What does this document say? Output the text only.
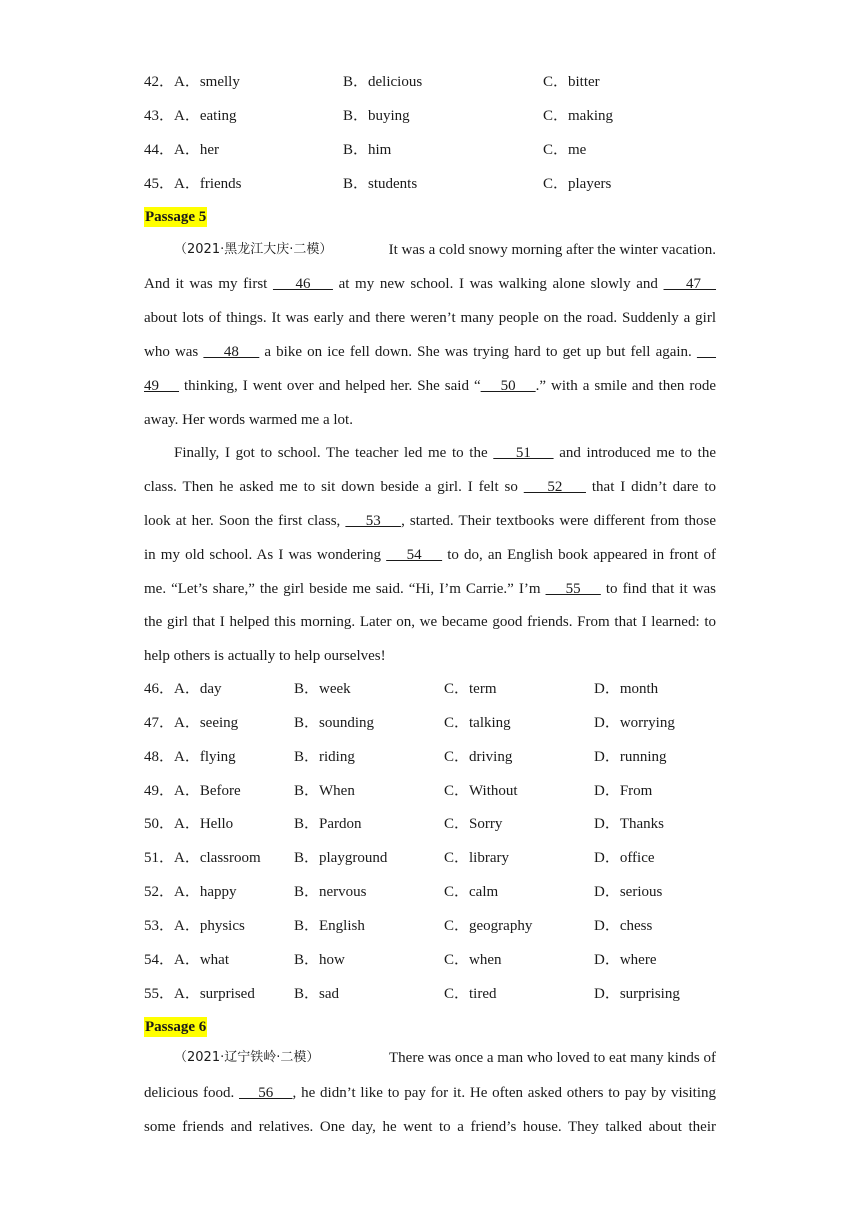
42． A．smelly	B．delicious	C．bitter
43． A．eating	B．buying	C．making
44． A．her	B．him	C．me
45． A．friends	B．students	C．players
Passage 5
（2021·黑龙江大庆·二模）	It was a cold snowy morning after the winter vacation.
And it was my first     46     at my new school. I was walking alone slowly and     47
about lots of things. It was early and there weren’t many people on the road. Suddenly a girl
who was     48     a bike on ice fell down. She was trying hard to get up but fell again.
49     thinking, I went over and helped her. She said “    50    .” with a smile and then rode
away. Her words warmed me a lot.
Finally, I got to school. The teacher led me to the     51     and introduced me to the
class. Then he asked me to sit down beside a girl. I felt so     52     that I didn’t dare to
look at her. Soon the first class,     53    , started. Their textbooks were different from those
in my old school. As I was wondering     54     to do, an English book appeared in front of
me. “Let’s share,” the girl beside me said. “Hi, I’m Carrie.” I’m     55     to find that it was
the girl that I helped this morning. Later on, we became good friends. From that I learned: to
help others is actually to help ourselves!
46． A．day	B．week	C．term	D．month
47． A．seeing	B．sounding	C．talking	D．worrying
48． A．flying	B．riding	C．driving	D．running
49． A．Before	B．When	C．Without	D．From
50． A．Hello	B．Pardon	C．Sorry	D．Thanks
51． A．classroom B．playground	C．library	D．office
52． A．happy	B．nervous	C．calm	D．serious
53． A．physics	B．English	C．geography	D．chess
54． A．what	B．how	C．when	D．where
55． A．surprised	B．sad	C．tired	D．surprising
Passage 6
（2021·辽宁铁岭·二模）	There was once a man who loved to eat many kinds of
delicious food.     56    , he didn’t like to pay for it. He often asked others to pay by visiting
some friends and relatives. One day, he went to a friend’s house. They talked about their
